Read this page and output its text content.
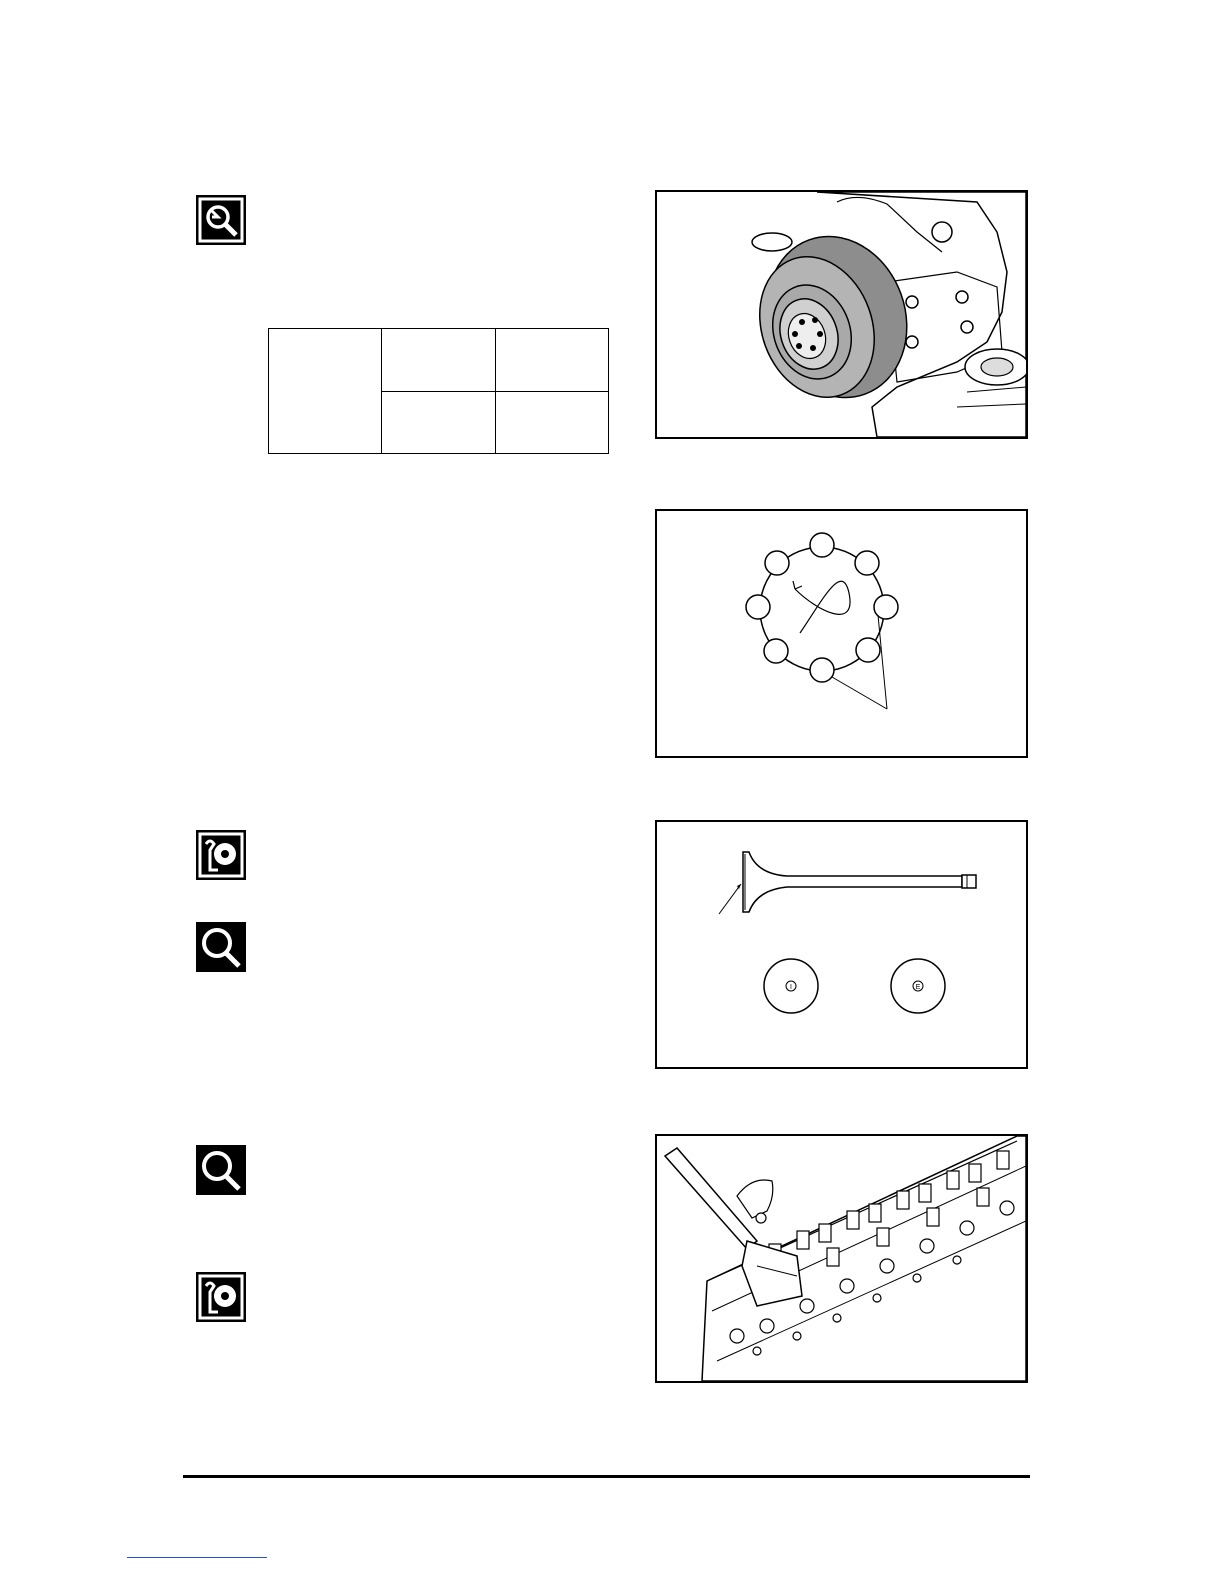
I	E
